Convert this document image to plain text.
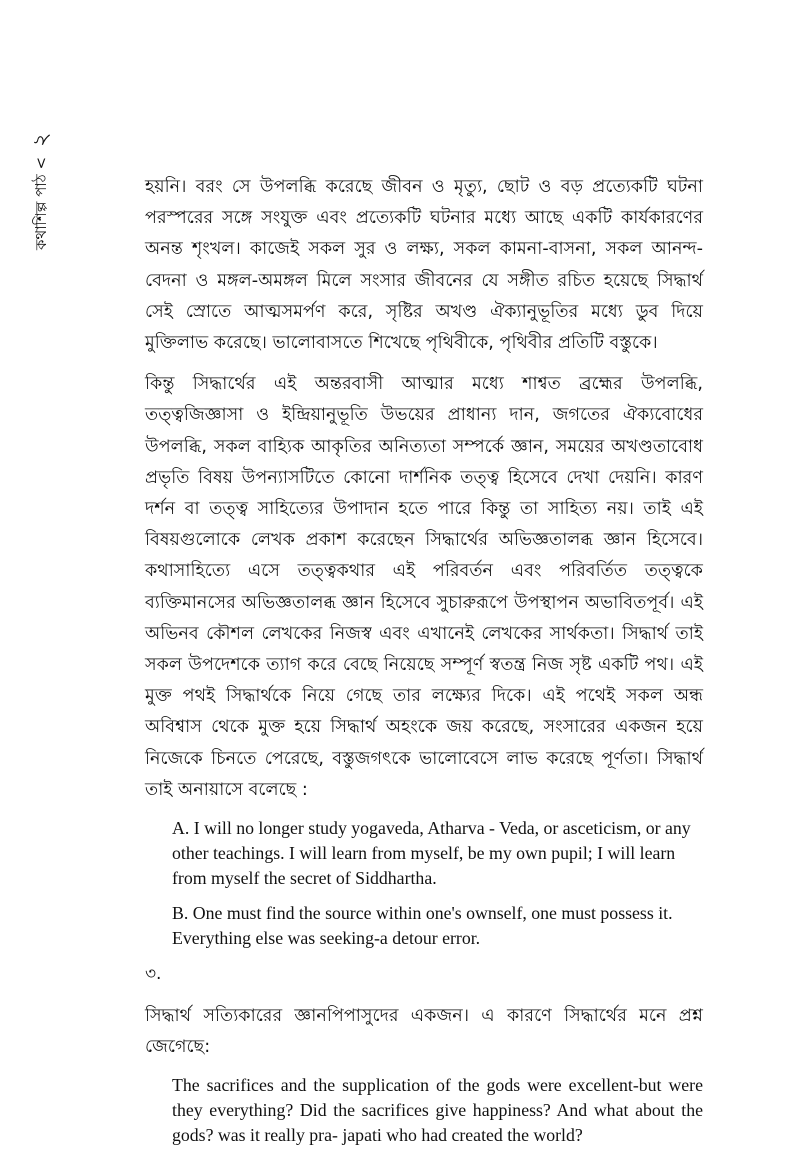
কথাশিল্প পাঠ <
২

হয়নি। বরং সে উপলব্ধি করেছে জীবন ও মৃত্যু, ছোট ও বড় প্রত্যেকটি ঘটনা পরস্পরের সঙ্গে সংযুক্ত এবং প্রত্যেকটি ঘটনার মধ্যে আছে একটি কার্যকারণের অনন্ত শৃংখল। কাজেই সকল সুর ও লক্ষ্য, সকল কামনা-বাসনা, সকল আনন্দ-বেদনা ও মঙ্গল-অমঙ্গল মিলে সংসার জীবনের যে সঙ্গীত রচিত হয়েছে সিদ্ধার্থ সেই স্রোতে আত্মসমর্পণ করে, সৃষ্টির অখণ্ড ঐক্যানুভূতির মধ্যে ডুব দিয়ে মুক্তিলাভ করেছে। ভালোবাসতে শিখেছে পৃথিবীকে, পৃথিবীর প্রতিটি বস্তুকে।

কিন্তু সিদ্ধার্থের এই অন্তরবাসী আত্মার মধ্যে শাশ্বত ব্রহ্মের উপলব্ধি, তত্ত্বজিজ্ঞাসা ও ইন্দ্রিয়ানুভূতি উভয়ের প্রাধান্য দান, জগতের ঐক্যবোধের উপলব্ধি, সকল বাহ্যিক আকৃতির অনিত্যতা সম্পর্কে জ্ঞান, সময়ের অখণ্ডতাবোধ প্রভৃতি বিষয় উপন্যাসটিতে কোনো দার্শনিক তত্ত্ব হিসেবে দেখা দেয়নি। কারণ দর্শন বা তত্ত্ব সাহিত্যের উপাদান হতে পারে কিন্তু তা সাহিত্য নয়। তাই এই বিষয়গুলোকে লেখক প্রকাশ করেছেন সিদ্ধার্থের অভিজ্ঞতালব্ধ জ্ঞান হিসেবে। কথাসাহিত্যে এসে তত্ত্বকথার এই পরিবর্তন এবং পরিবর্তিত তত্ত্বকে ব্যক্তিমানসের অভিজ্ঞতালব্ধ জ্ঞান হিসেবে সুচারুরূপে উপস্থাপন অভাবিতপূর্ব। এই অভিনব কৌশল লেখকের নিজস্ব এবং এখানেই লেখকের সার্থকতা। সিদ্ধার্থ তাই সকল উপদেশকে ত্যাগ করে বেছে নিয়েছে সম্পূর্ণ স্বতন্ত্র নিজ সৃষ্ট একটি পথ। এই মুক্ত পথই সিদ্ধার্থকে নিয়ে গেছে তার লক্ষ্যের দিকে। এই পথেই সকল অন্ধ অবিশ্বাস থেকে মুক্ত হয়ে সিদ্ধার্থ অহংকে জয় করেছে, সংসারের একজন হয়ে নিজেকে চিনতে পেরেছে, বস্তুজগৎকে ভালোবেসে লাভ করেছে পূর্ণতা। সিদ্ধার্থ তাই অনায়াসে বলেছে :

A. I will no longer study yogaveda, Atharva - Veda, or asceticism, or any other teachings. I will learn from myself, be my own pupil; I will learn from myself the secret of Siddhartha.

B. One must find the source within one's ownself, one must possess it. Everything else was seeking-a detour error.

৩.

সিদ্ধার্থ সত্যিকারের জ্ঞানপিপাসুদের একজন। এ কারণে সিদ্ধার্থের মনে প্রশ্ন জেগেছে:

The sacrifices and the supplication of the gods were excellent-but were they everything? Did the sacrifices give happiness? And what about the gods? was it really pra- japati who had created the world?
